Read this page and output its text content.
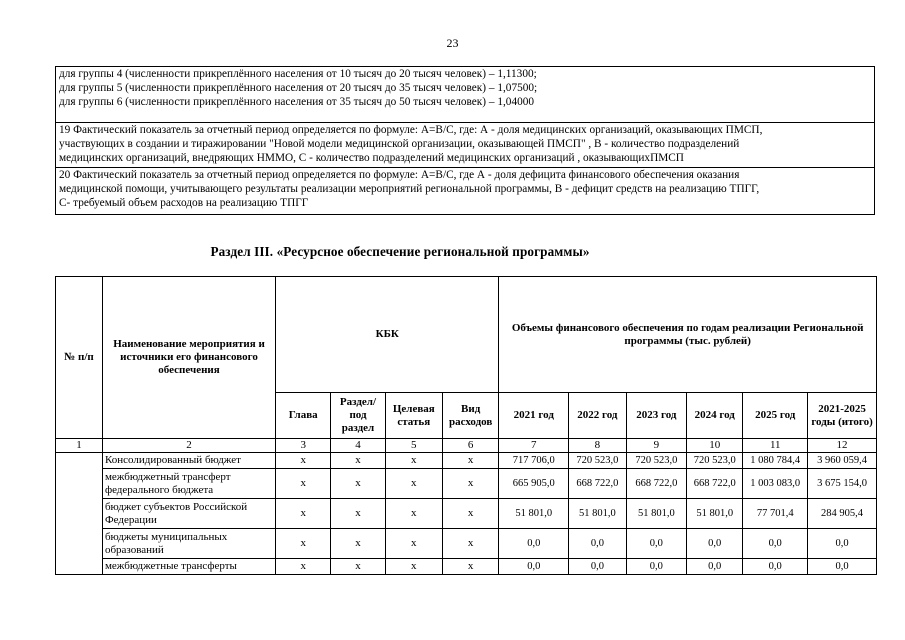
23
для группы 4 (численности прикреплённого населения от 10 тысяч до 20 тысяч человек) – 1,11300;
для группы 5 (численности прикреплённого населения от 20 тысяч до 35 тысяч человек) – 1,07500;
для группы 6 (численности прикреплённого населения от 35 тысяч до 50 тысяч человек) – 1,04000

19 Фактический показатель за отчетный период определяется по формуле: А=В/С, где: А - доля медицинских организаций, оказывающих ПМСП,
участвующих в создании и тиражировании "Новой модели медицинской организации, оказывающей ПМСП" , В - количество подразделений
медицинских организаций, внедряющих НММО, С - количество подразделений медицинских организаций , оказывающихПМСП

20 Фактический показатель за отчетный период определяется по формуле: А=В/С, где А - доля дефицита финансового обеспечения оказания
медицинской помощи, учитывающего результаты реализации мероприятий региональной программы, В - дефицит средств на реализацию ТПГГ,
С- требуемый объем расходов на реализацию ТПГГ
Раздел III. «Ресурсное обеспечение региональной программы»
№ п/п	Наименование мероприятия и источники его финансового обеспечения	КБК				Объемы финансового обеспечения по годам реализации Региональной программы (тыс. рублей)					
		Глава	Раздел/под раздел	Целевая статья	Вид расходов	2021 год	2022 год	2023 год	2024 год	2025 год	2021-2025 годы (итого)
1	2	3	4	5	6	7	8	9	10	11	12
	Консолидированный бюджет	x	x	x	x	717 706,0	720 523,0	720 523,0	720 523,0	1 080 784,4	3 960 059,4
	межбюджетный трансферт федерального бюджета	x	x	x	x	665 905,0	668 722,0	668 722,0	668 722,0	1 003 083,0	3 675 154,0
	бюджет субъектов Российской Федерации	x	x	x	x	51 801,0	51 801,0	51 801,0	51 801,0	77 701,4	284 905,4
	бюджеты муниципальных образований	x	x	x	x	0,0	0,0	0,0	0,0	0,0	0,0
	межбюджетные трансферты	x	x	x	x	0,0	0,0	0,0	0,0	0,0	0,0
